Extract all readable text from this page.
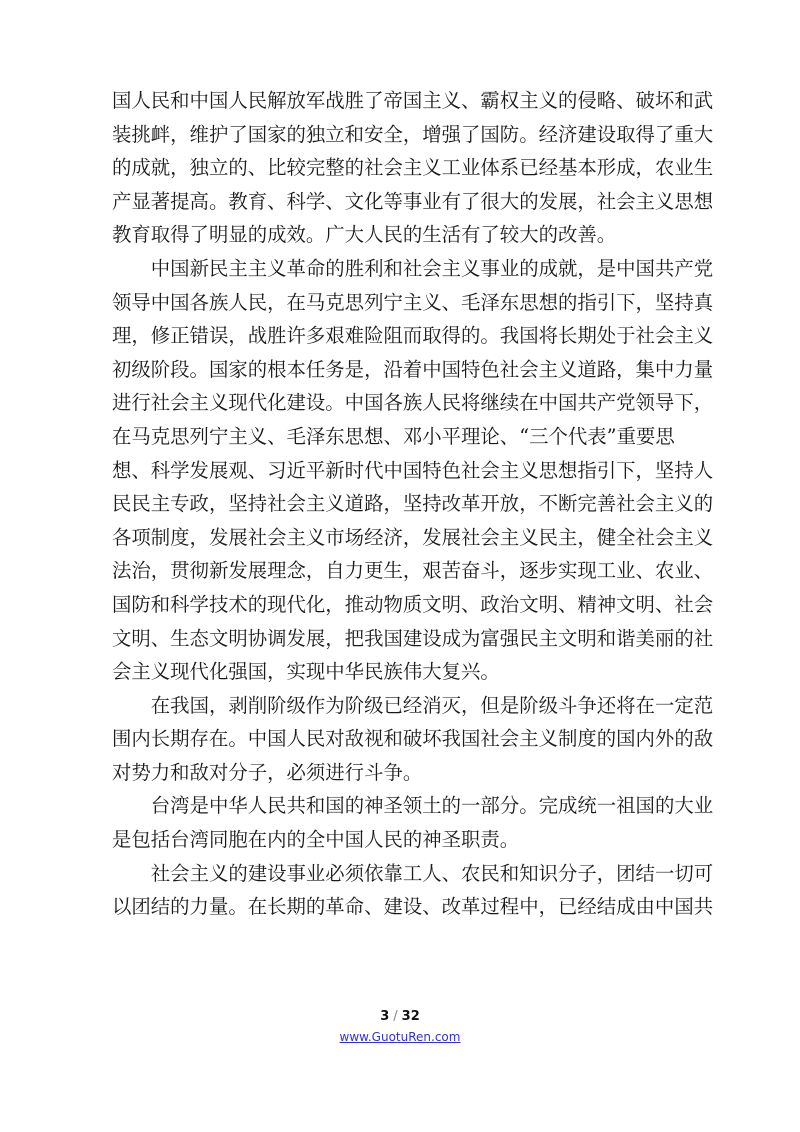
国人民和中国人民解放军战胜了帝国主义、霸权主义的侵略、破坏和武
装挑衅，维护了国家的独立和安全，增强了国防。经济建设取得了重大
的成就，独立的、比较完整的社会主义工业体系已经基本形成，农业生
产显著提高。教育、科学、文化等事业有了很大的发展，社会主义思想
教育取得了明显的成效。广大人民的生活有了较大的改善。

中国新民主主义革命的胜利和社会主义事业的成就，是中国共产党
领导中国各族人民，在马克思列宁主义、毛泽东思想的指引下，坚持真
理，修正错误，战胜许多艰难险阻而取得的。我国将长期处于社会主义
初级阶段。国家的根本任务是，沿着中国特色社会主义道路，集中力量
进行社会主义现代化建设。中国各族人民将继续在中国共产党领导下，
在马克思列宁主义、毛泽东思想、邓小平理论、“三个代表”重要思
想、科学发展观、习近平新时代中国特色社会主义思想指引下，坚持人
民民主专政，坚持社会主义道路，坚持改革开放，不断完善社会主义的
各项制度，发展社会主义市场经济，发展社会主义民主，健全社会主义
法治，贯彻新发展理念，自力更生，艰苦奋斗，逐步实现工业、农业、
国防和科学技术的现代化，推动物质文明、政治文明、精神文明、社会
文明、生态文明协调发展，把我国建设成为富强民主文明和谐美丽的社
会主义现代化强国，实现中华民族伟大复兴。

在我国，剥削阶级作为阶级已经消灭，但是阶级斗争还将在一定范
围内长期存在。中国人民对敌视和破坏我国社会主义制度的国内外的敌
对势力和敌对分子，必须进行斗争。

台湾是中华人民共和国的神圣领土的一部分。完成统一祖国的大业
是包括台湾同胞在内的全中国人民的神圣职责。

社会主义的建设事业必须依靠工人、农民和知识分子，团结一切可
以团结的力量。在长期的革命、建设、改革过程中，已经结成由中国共

3 / 32
www.GuotuRen.com
